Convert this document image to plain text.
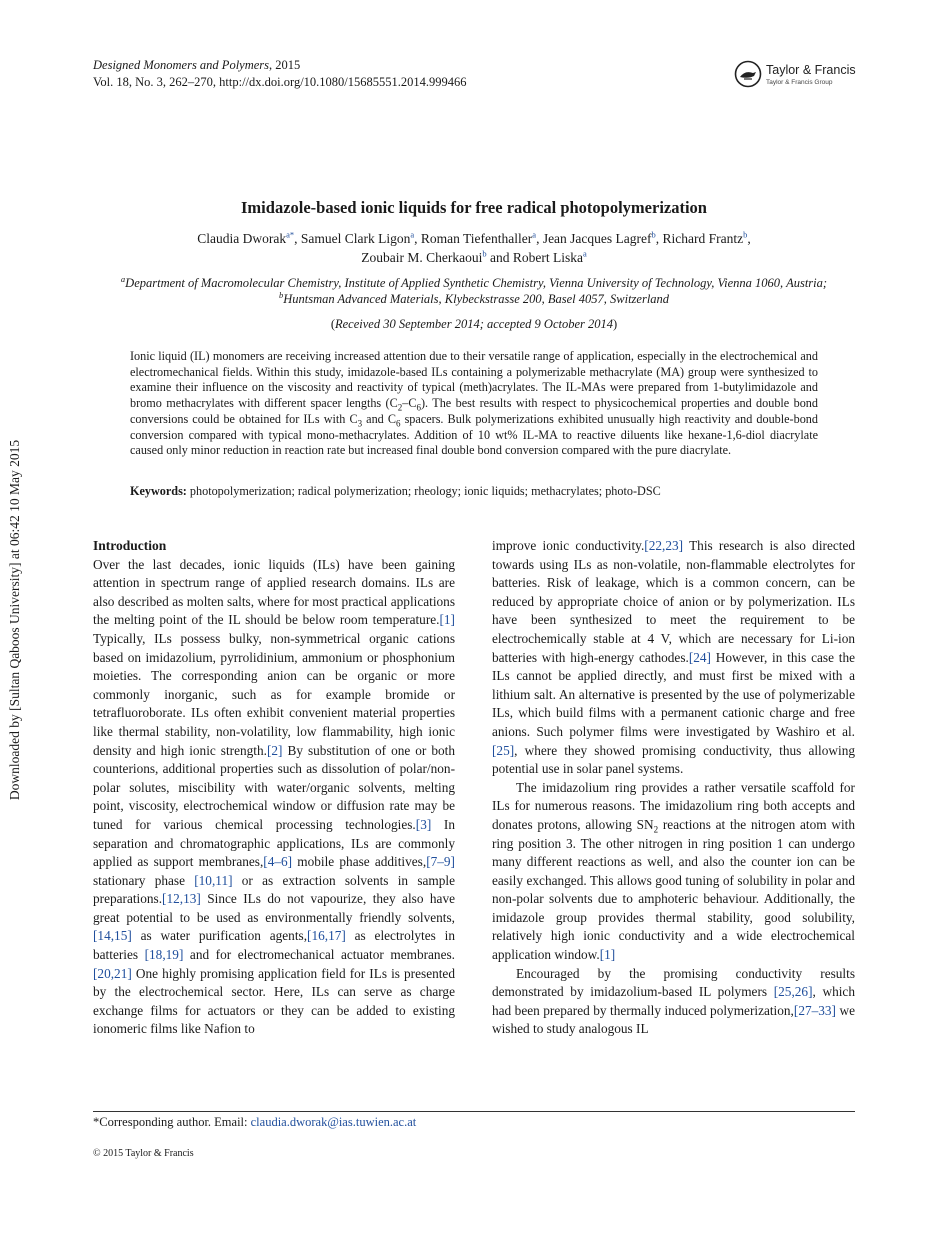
Designed Monomers and Polymers, 2015
Vol. 18, No. 3, 262–270, http://dx.doi.org/10.1080/15685551.2014.999466
Taylor & Francis
Taylor & Francis Group
Downloaded by [Sultan Qaboos University] at 06:42 10 May 2015
Imidazole-based ionic liquids for free radical photopolymerization
Claudia Dworak$^{a*}$, Samuel Clark Ligon$^a$, Roman Tiefenthaller$^a$, Jean Jacques Lagref$^b$, Richard Frantz$^b$,
Zoubair M. Cherkaoui$^b$ and Robert Liska$^a$
$^a$Department of Macromolecular Chemistry, Institute of Applied Synthetic Chemistry, Vienna University of Technology, Vienna 1060, Austria; $^b$Huntsman Advanced Materials, Klybeckstrasse 200, Basel 4057, Switzerland
(Received 30 September 2014; accepted 9 October 2014)
Ionic liquid (IL) monomers are receiving increased attention due to their versatile range of application, especially in the electrochemical and electromechanical fields. Within this study, imidazole-based ILs containing a polymerizable methacrylate (MA) group were synthesized to examine their influence on the viscosity and reactivity of typical (meth)acrylates. The IL-MAs were prepared from 1-butylimidazole and bromo methacrylates with different spacer lengths $(C_2-C_6)$. The best results with respect to physicochemical properties and double bond conversions could be obtained for ILs with $C_3$ and $C_6$ spacers. Bulk polymerizations exhibited unusually high reactivity and double-bond conversion compared with typical mono-methacrylates. Addition of 10 wt% IL-MA to reactive diluents like hexane-1,6-diol diacrylate caused only minor reduction in reaction rate but increased final double bond conversion compared with the pure diacrylate.
Keywords: photopolymerization; radical polymerization; rheology; ionic liquids; methacrylates; photo-DSC
Introduction

Over the last decades, ionic liquids (ILs) have been gaining attention in spectrum range of applied research domains. ILs are also described as molten salts, where for most practical applications the melting point of the IL should be below room temperature.[1] Typically, ILs possess bulky, non-symmetrical organic cations based on imidazolium, pyrrolidinium, ammonium or phosphonium moieties. The corresponding anion can be organic or more commonly inorganic, such as for example bromide or tetrafluoroborate. ILs often exhibit convenient material properties like thermal stability, non-volatility, low flammability, high ionic density and high ionic strength.[2] By substitution of one or both counterions, additional properties such as dissolution of polar/non-polar solutes, miscibility with water/organic solvents, melting point, viscosity, electrochemical window or diffusion rate may be tuned for various chemical processing technologies.[3] In separation and chromatographic applications, ILs are commonly applied as support membranes,[4–6] mobile phase additives,[7–9] stationary phase [10,11] or as extraction solvents in sample preparations.[12,13] Since ILs do not vapourize, they also have great potential to be used as environmentally friendly solvents,[14,15] as water purification agents,[16,17] as electrolytes in batteries [18,19] and for electromechanical actuator membranes.[20,21] One highly promising application field for ILs is presented by the electrochemical sector. Here, ILs can serve as charge exchange films for actuators or they can be added to existing ionomeric films like Nafion to

improve ionic conductivity.[22,23] This research is also directed towards using ILs as non-volatile, non-flammable electrolytes for batteries. Risk of leakage, which is a common concern, can be reduced by appropriate choice of anion or by polymerization. ILs have been synthesized to meet the requirement to be electrochemically stable at 4 V, which are necessary for Li-ion batteries with high-energy cathodes.[24] However, in this case the ILs cannot be applied directly, and must first be mixed with a lithium salt. An alternative is presented by the use of polymerizable ILs, which build films with a permanent cationic charge and free anions. Such polymer films were investigated by Washiro et al. [25], where they showed promising conductivity, thus allowing potential use in solar panel systems.

The imidazolium ring provides a rather versatile scaffold for ILs for numerous reasons. The imidazolium ring both accepts and donates protons, allowing $SN_2$ reactions at the nitrogen atom with ring position 3. The other nitrogen in ring position 1 can undergo many different reactions as well, and also the counter ion can be easily exchanged. This allows good tuning of solubility in polar and non-polar solvents due to amphoteric behaviour. Additionally, the imidazole group provides thermal stability, good solubility, relatively high ionic conductivity and a wide electrochemical application window.[1]

Encouraged by the promising conductivity results demonstrated by imidazolium-based IL polymers [25,26], which had been prepared by thermally induced polymerization,[27–33] we wished to study analogous IL

*Corresponding author. Email: claudia.dworak@ias.tuwien.ac.at
© 2015 Taylor & Francis
